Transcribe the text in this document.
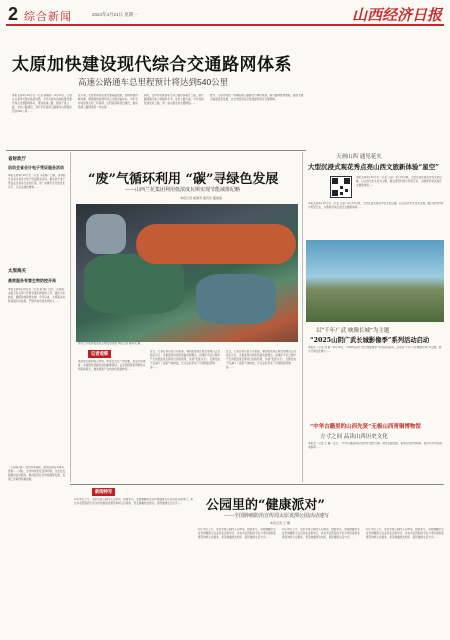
2 综合新闻	2024年4月21日 星期一	山西经济日报
太原加快建设现代综合交通路网体系
高速公路通车总里程预计将达到540公里
本报太原4月20日讯（记者 郝瑞霞）4月20日，记者从太原市交通运输局获悉，今年太原市将加快建设现代综合交通路网体系，推进高速公路、国省干线公路、农村公路建设，预计全年高速公路通车总里程将达到540公里……
近年来，太原市持续完善交通基础设施，加快构建内畅外联、便捷高效的现代综合交通运输体系。今年全市将加快太原二环高速、太阳高速等项目建设，推动高速公路网络进一步完善……
同时，全市将实施国省干线公路改造提升工程，提升路网通行能力和服务水平。农村公路方面，今年将新改建农村公路，进一步完善农村交通网络……
此外，太原市将统一协调高速公路建设与城市规划，提升路网整体效能，推动交通运输高质量发展，为全市经济社会发展提供坚实交通保障。
省财政厅
启动全省会计电子凭证服务活动
本报太原4月20日讯（记者 马永刚）日前，省财政厅启动全省会计电子凭证服务活动，推动会计电子凭证在全省各行业的应用，进一步提升会计信息化水平，为企业减负增效……
太原海关
高效服务有害生物防控开局
本报太原4月20日讯（记者 赵 瑞）近日，太原海关联合有关部门开展有害生物防控工作，强化口岸检疫，确保防控取得实效。今年以来，太原海关持续加强口岸监管，严防外来有害生物传入……
（上接第1版）进行改革创新，推动各项任务落实落地……同时，全市持续优化营商环境，为企业发展提供良好服务，推动经济社会持续健康发展，各项工作取得积极成效。
“废”气循环利用 “碳”寻绿色发展
——山西兰花集团利用低浓度瓦斯实现节能减排纪略
本报记者 崔海英 通讯员 董丽丽
图为兰花集团低浓度瓦斯发电机组 本报记者 崔海英 摄
记者观察
低浓度瓦斯的综合利用，既是安全生产的需要，也是节能减排、实现绿色低碳发展的重要途径。企业积极探索资源综合利用新模式，推动煤炭产业向绿色低碳转型……
近日，记者走进山西兰花集团，看到低浓度瓦斯发电项目正在稳定运行。该集团坚持绿色低碳发展理念，将煤矿开采过程中产生的低浓度瓦斯进行回收利用，实现“变废为宝”。瓦斯发电不仅减少了温室气体排放，还为企业带来了可观的经济效益……
近日，记者走进山西兰花集团，看到低浓度瓦斯发电项目正在稳定运行。该集团坚持绿色低碳发展理念，将煤矿开采过程中产生的低浓度瓦斯进行回收利用，实现“变废为宝”。瓦斯发电不仅减少了温室气体排放，还为企业带来了可观的经济效益……
天画山西 通见花火
大型沉浸式观花秀点亮山西文旅新体验“星空”
本报太原4月20日讯（记者 王丽）4月19日晚，大型沉浸式观花秀在太原启幕，以山西历史文化为主题，融合现代科技与传统艺术，为游客带来沉浸式文旅新体验……
本报太原4月20日讯（记者 王丽）4月19日晚，大型沉浸式观花秀在太原启幕，以山西历史文化为主题，融合现代科技与传统艺术，为游客带来沉浸式文旅新体验……
以“千年广武 映像长城”为主题
“2025山阴广武长城影像季”系列活动启动
本报讯（记者 刘 霞）4月18日，“2025山阴广武长城影像季”系列活动启动，活动以“千年广武 映像长城”为主题，展示长城文化魅力……
“中华古籍里的山西先贤”无极山西青铜博物馆
方寸之间 品读山西历史文化
本报讯（记者 王 鑫）近日，“中华古籍里的山西先贤”展览开幕，展出古籍文献，讲述山西先贤故事，吸引众多市民前来参观……
新闻特写
公园里的“健康派对”
——全国肿瘤防治宣传周太原龙潭公园活动速写
本报记者 王 娜
4月19日上午，太原龙潭公园内人头攒动，热闹非凡。全国肿瘤防治宣传周健康义诊活动在这里举行，来自多家医院的专家为市民提供免费咨询和义诊服务，普及肿瘤防治知识，倡导健康生活方式……
4月19日上午，太原龙潭公园内人头攒动，热闹非凡。全国肿瘤防治宣传周健康义诊活动在这里举行，来自多家医院的专家为市民提供免费咨询和义诊服务，普及肿瘤防治知识，倡导健康生活方式……
4月19日上午，太原龙潭公园内人头攒动，热闹非凡。全国肿瘤防治宣传周健康义诊活动在这里举行，来自多家医院的专家为市民提供免费咨询和义诊服务，普及肿瘤防治知识，倡导健康生活方式……
4月19日上午，太原龙潭公园内人头攒动，热闹非凡。全国肿瘤防治宣传周健康义诊活动在这里举行，来自多家医院的专家为市民提供免费咨询和义诊服务，普及肿瘤防治知识，倡导健康生活方式……
